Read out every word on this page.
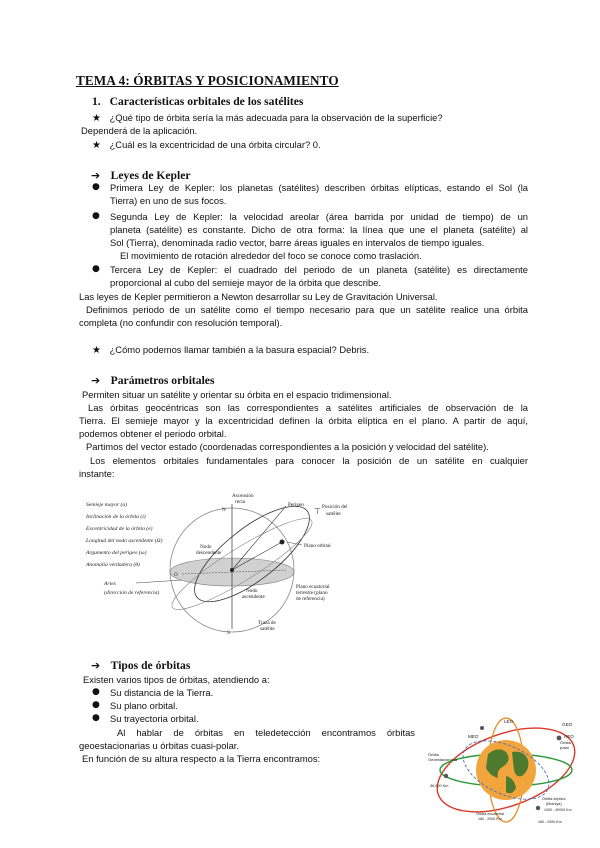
TEMA 4: ÓRBITAS Y POSICIONAMIENTO
1. Características orbitales de los satélites
★ ¿Qué tipo de órbita sería la más adecuada para la observación de la superficie?
Dependerá de la aplicación.
★ ¿Cuál es la excentricidad de una órbita circular? 0.
➔ Leyes de Kepler
● Primera Ley de Kepler: los planetas (satélites) describen órbitas elípticas, estando el Sol (la
Tierra) en uno de sus focos.
● Segunda Ley de Kepler: la velocidad areolar (área barrida por unidad de tiempo) de un
planeta (satélite) es constante. Dicho de otra forma: la línea que une el planeta (satélite) al
Sol (Tierra), denominada radio vector, barre áreas iguales en intervalos de tiempo iguales.
El movimiento de rotación alrededor del foco se conoce como traslación.
● Tercera Ley de Kepler: el cuadrado del periodo de un planeta (satélite) es directamente
proporcional al cubo del semieje mayor de la órbita que describe.
Las leyes de Kepler permitieron a Newton desarrollar su Ley de Gravitación Universal.
Definimos periodo de un satélite como el tiempo necesario para que un satélite realice una órbita
completa (no confundir con resolución temporal).
★ ¿Cómo podemos llamar también a la basura espacial? Debris.
➔ Parámetros orbitales
Permiten situar un satélite y orientar su órbita en el espacio tridimensional.
Las órbitas geocéntricas son las correspondientes a satélites artificiales de observación de la
Tierra. El semieje mayor y la excentricidad definen la órbita elíptica en el plano. A partir de aquí,
podemos obtener el periodo orbital.
Partimos del vector estado (coordenadas correspondientes a la posición y velocidad del satélite).
Los elementos orbitales fundamentales para conocer la posición de un satélite en cualquier
instante:
Semieje mayor (a)
Inclinación de la órbita (i)
Excentricidad de la órbita (e)
Longitud del nodo ascendente (Ω)
Argumento del perigeo (ω)
Anomalía verdadera (θ)
Aries
(dirección de referencia)
Ascensión
recta	Perigeo	Posición del
satélite
⊤
Plano orbital
Nodo
descendente
Nodo
ascendente
Plano ecuatorial
terrestre (plano
de referencia)
Traza de
satélite
N
S
O
➔ Tipos de órbitas
Existen varios tipos de órbitas, atendiendo a:
● Su distancia de la Tierra.
● Su plano orbital.
● Su trayectoria orbital.
Al hablar de órbitas en teledetección encontramos órbitas
geoestacionarias u órbitas cuasi-polar.
En función de su altura respecto a la Tierra encontramos:
LEO
MEO
GEO
HEO
Órbita
polar
Órbita
Geoestacionaria
36.000 Km
Órbita elíptica
(Molniya)
1000 - 40000 Km
Órbita ecuatorial
160 - 2000 Km
160 - 2000 Km
